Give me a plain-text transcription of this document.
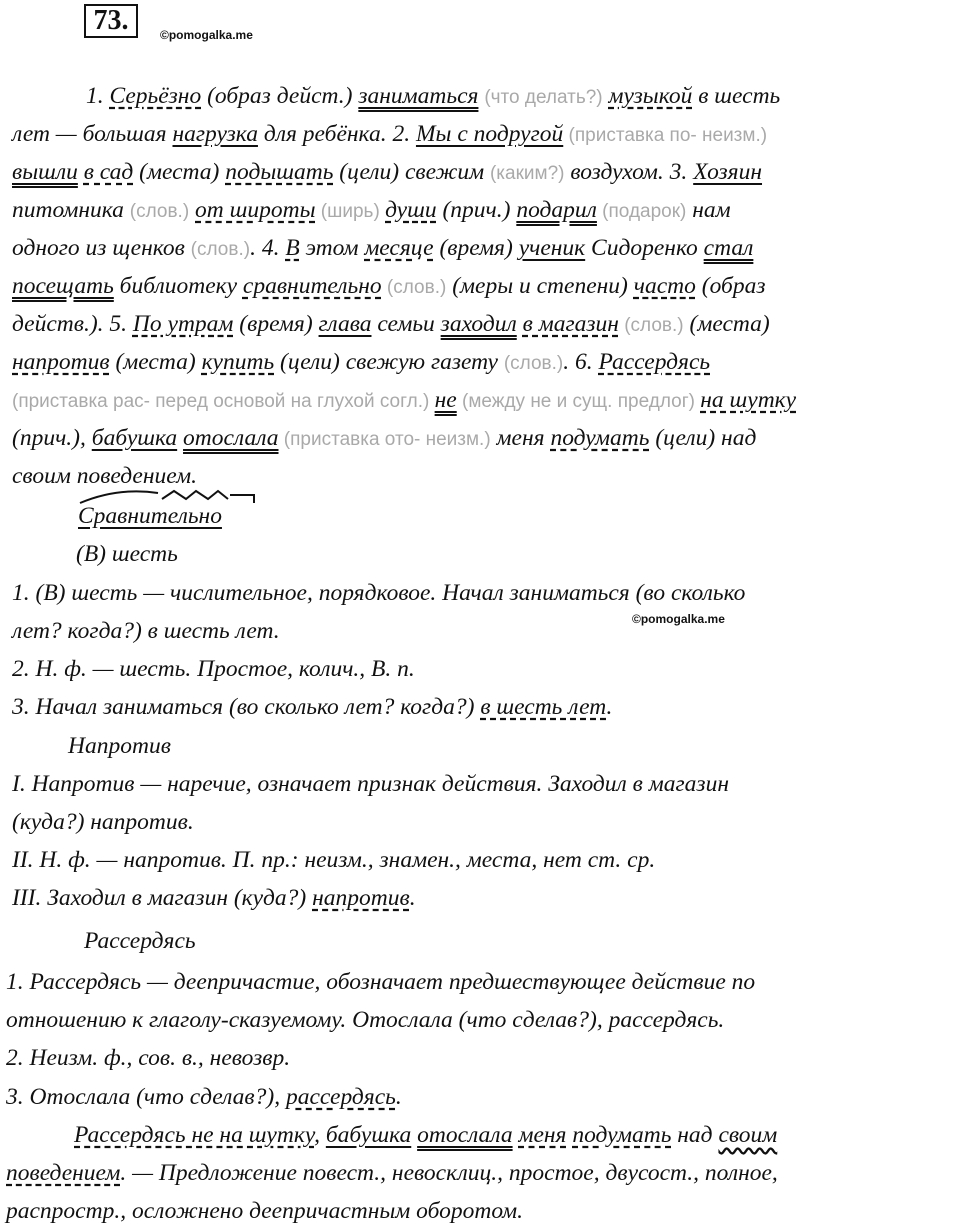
73.	©pomogalka.me
©pomogalka.me
1. Серьёзно (образ дейст.) заниматься (что делать?) музыкой в шесть
лет — большая нагрузка для ребёнка. 2. Мы с подругой (приставка по- неизм.)
вышли в сад (места) подышать (цели) свежим (каким?) воздухом. 3. Хозяин
питомника (слов.) от широты (ширь) души (прич.) подарил (подарок) нам
одного из щенков (слов.). 4. В этом месяце (время) ученик Сидоренко стал
посещать библиотеку сравнительно (слов.) (меры и степени) часто (образ
действ.). 5. По утрам (время) глава семьи заходил в магазин (слов.) (места)
напротив (места) купить (цели) свежую газету (слов.). 6. Рассердясь
(приставка рас- перед основой на глухой согл.) не (между не и сущ. предлог) на шутку
(прич.), бабушка отослала (приставка ото- неизм.) меня подумать (цели) над
своим поведением.
Сравнительно
(В) шесть
1. (В) шесть — числительное, порядковое. Начал заниматься (во сколько
лет? когда?) в шесть лет.
2. Н. ф. — шесть. Простое, колич., В. п.
3. Начал заниматься (во сколько лет? когда?) в шесть лет.
Напротив
I. Напротив — наречие, означает признак действия. Заходил в магазин
(куда?) напротив.
II. Н. ф. — напротив. П. пр.: неизм., знамен., места, нет ст. ср.
III. Заходил в магазин (куда?) напротив.
Рассердясь
1. Рассердясь — деепричастие, обозначает предшествующее действие по
отношению к глаголу-сказуемому. Отослала (что сделав?), рассердясь.
2. Неизм. ф., сов. в., невозвр.
3. Отослала (что сделав?), рассердясь.
Рассердясь не на шутку, бабушка отослала меня подумать над своим
поведением. — Предложение повест., невосклиц., простое, двусост., полное,
распростр., осложнено деепричастным оборотом.
